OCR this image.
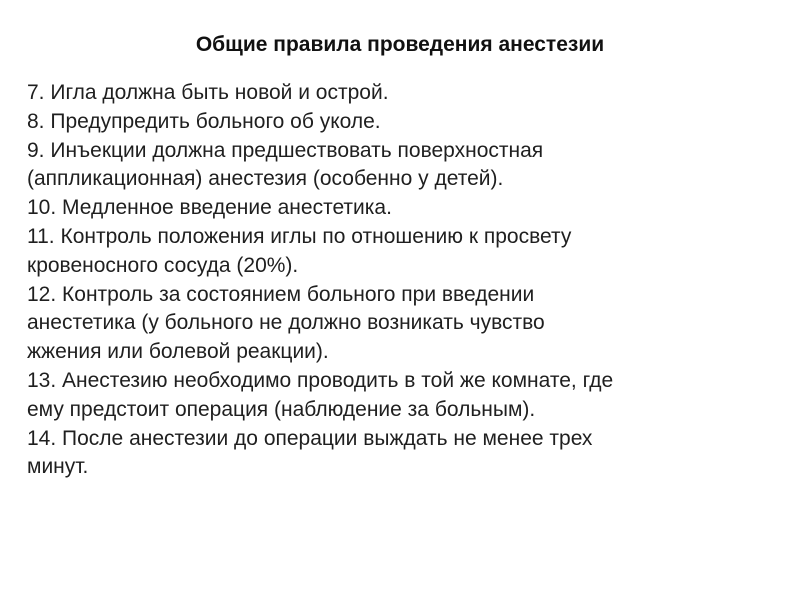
Общие правила проведения анестезии
7. Игла должна быть новой и острой.
8. Предупредить больного об уколе.
9. Инъекции должна предшествовать поверхностная
(аппликационная) анестезия (особенно у детей).
10. Медленное введение анестетика.
11. Контроль положения иглы по отношению к просвету
кровеносного сосуда (20%).
12. Контроль за состоянием больного при введении
анестетика (у больного не должно возникать чувство
жжения или болевой реакции).
13. Анестезию необходимо проводить в той же комнате, где
ему предстоит операция (наблюдение за больным).
14. После анестезии до операции выждать не менее трех
минут.
